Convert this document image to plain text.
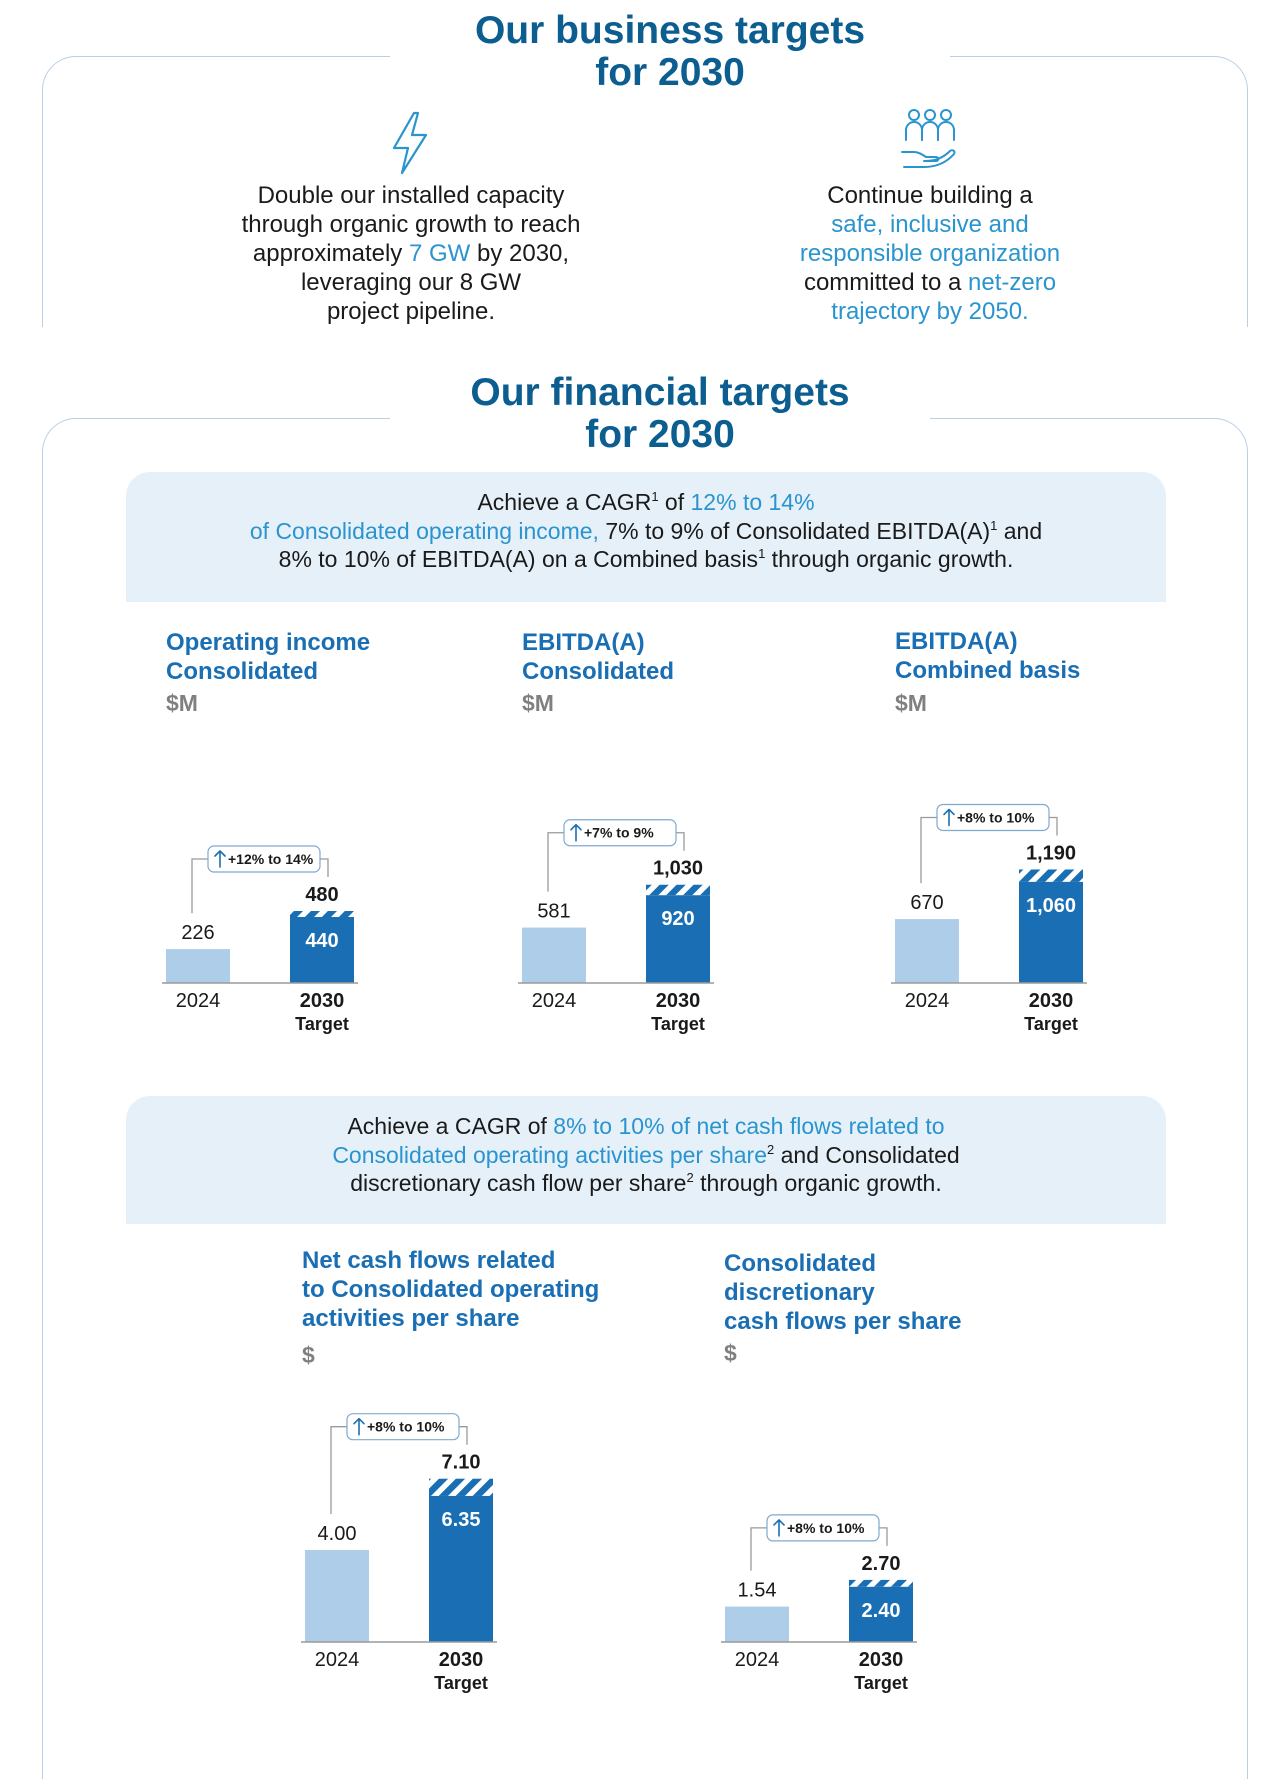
Our business targets
for 2030
Double our installed capacity
through organic growth to reach
approximately 7 GW by 2030,
leveraging our 8 GW
project pipeline.
Continue building a
safe, inclusive and
responsible organization
committed to a net-zero
trajectory by 2050.
Our financial targets
for 2030
Achieve a CAGR$^1$ of 12% to 14%
of Consolidated operating income, 7% to 9% of Consolidated $EBITDA(A)^1$ and
8% to 10% of EBITDA(A) on a Combined basis$^1$ through organic growth.
Achieve a CAGR of 8% to 10% of net cash flows related to
Consolidated operating activities per share$^2$ and Consolidated
discretionary cash flow per share$^2$ through organic growth.
Operating income
Consolidated
$M
EBITDA(A)
Consolidated
$M
EBITDA(A)
Combined basis
$M
Net cash flows related
to Consolidated operating
activities per share
$
Consolidated
discretionary
cash flows per share
$
226	440
480
2024	2030
Target
+12% to 14%
581	920
1,030
2024	2030
Target
+7% to 9%
670	1,060
1,190
2024	2030
Target
+8% to 10%
4.00
6.35
7.10
2024	2030
Target
+8% to 10%
1.54
2.40
2.70
2024	2030
Target
+8% to 10%
